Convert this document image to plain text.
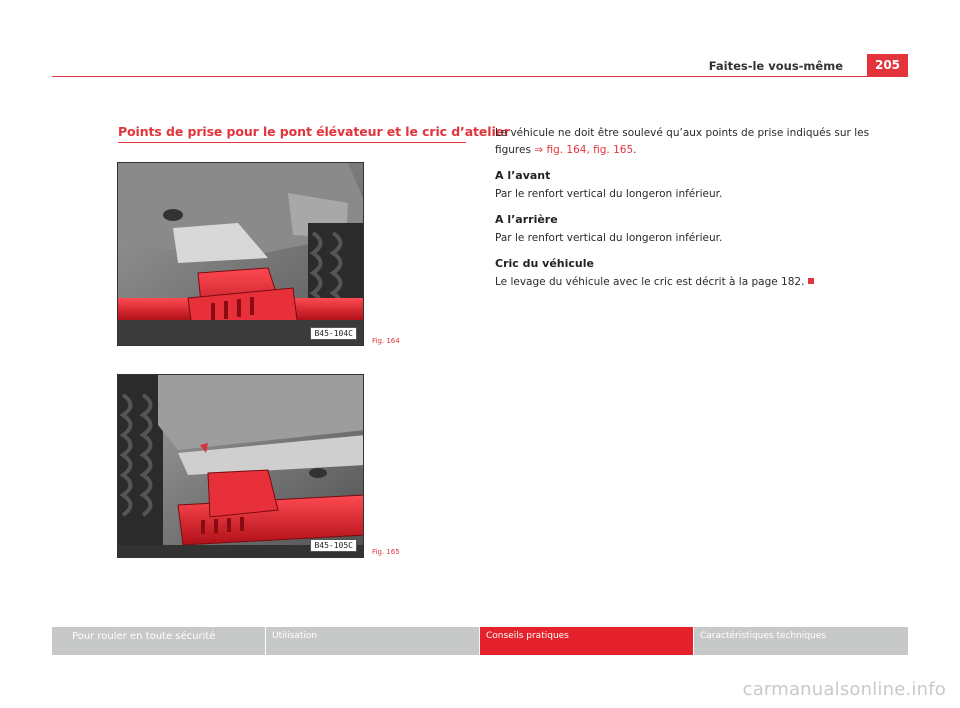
Faites-le vous-même	205
Points de prise pour le pont élévateur et le cric d’atelier
B45-104C
Fig. 164
B45-105C
Fig. 165

Le véhicule ne doit être soulevé qu’aux points de prise indiqués sur les figures ⇒ fig. 164, fig. 165.

A l’avant

Par le renfort vertical du longeron inférieur.

A l’arrière

Par le renfort vertical du longeron inférieur.

Cric du véhicule

Le levage du véhicule avec le cric est décrit à la page 182.

Pour rouler en toute sécurité	Utilisation	Conseils pratiques	Caractéristiques techniques
carmanualsonline.info
